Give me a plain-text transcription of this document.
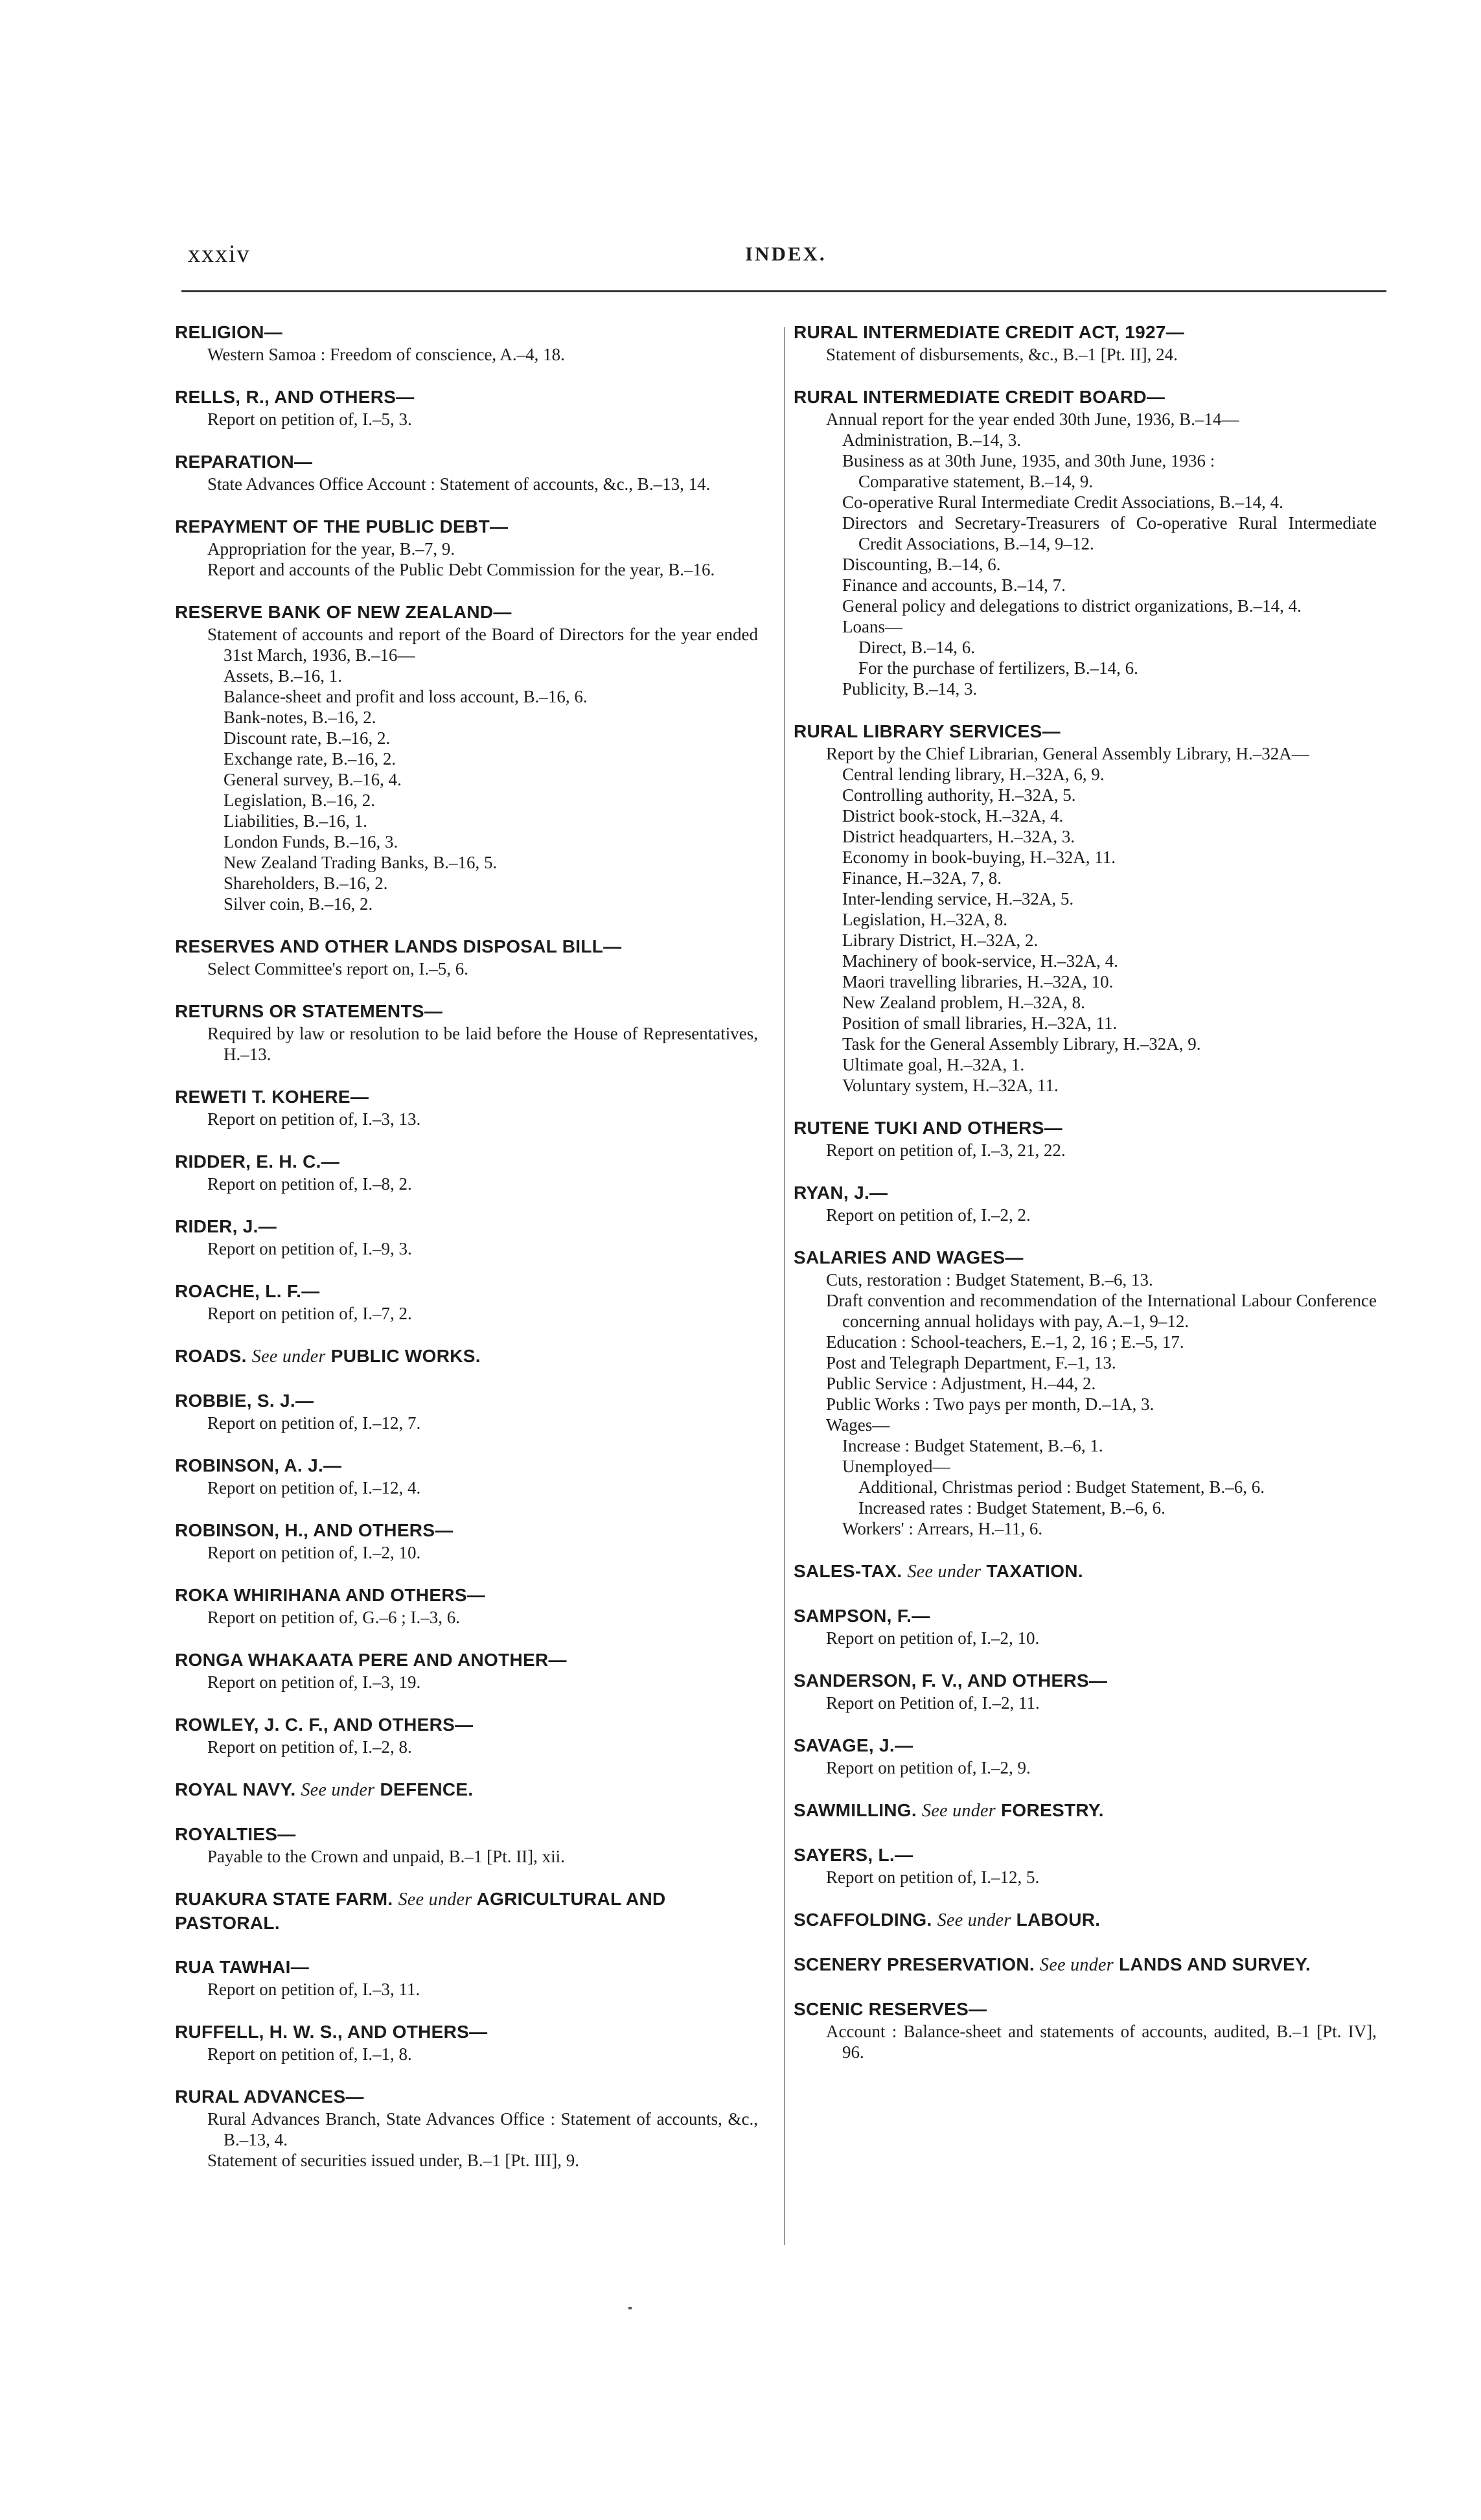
xxxiv	INDEX.
RELIGION—
Western Samoa : Freedom of conscience, A.–4, 18.
RELLS, R., AND OTHERS—
Report on petition of, I.–5, 3.
REPARATION—
State Advances Office Account : Statement of accounts, &c., B.–13, 14.
REPAYMENT OF THE PUBLIC DEBT—
Appropriation for the year, B.–7, 9.
Report and accounts of the Public Debt Commission for the year, B.–16.
RESERVE BANK OF NEW ZEALAND—
Statement of accounts and report of the Board of Directors for the year ended 31st March, 1936, B.–16—
Assets, B.–16, 1.
Balance-sheet and profit and loss account, B.–16, 6.
Bank-notes, B.–16, 2.
Discount rate, B.–16, 2.
Exchange rate, B.–16, 2.
General survey, B.–16, 4.
Legislation, B.–16, 2.
Liabilities, B.–16, 1.
London Funds, B.–16, 3.
New Zealand Trading Banks, B.–16, 5.
Shareholders, B.–16, 2.
Silver coin, B.–16, 2.
RESERVES AND OTHER LANDS DISPOSAL BILL—
Select Committee's report on, I.–5, 6.
RETURNS OR STATEMENTS—
Required by law or resolution to be laid before the House of Representatives, H.–13.
REWETI T. KOHERE—
Report on petition of, I.–3, 13.
RIDDER, E. H. C.—
Report on petition of, I.–8, 2.
RIDER, J.—
Report on petition of, I.–9, 3.
ROACHE, L. F.—
Report on petition of, I.–7, 2.
ROADS. See under PUBLIC WORKS.
ROBBIE, S. J.—
Report on petition of, I.–12, 7.
ROBINSON, A. J.—
Report on petition of, I.–12, 4.
ROBINSON, H., AND OTHERS—
Report on petition of, I.–2, 10.
ROKA WHIRIHANA AND OTHERS—
Report on petition of, G.–6 ; I.–3, 6.
RONGA WHAKAATA PERE AND ANOTHER—
Report on petition of, I.–3, 19.
ROWLEY, J. C. F., AND OTHERS—
Report on petition of, I.–2, 8.
ROYAL NAVY. See under DEFENCE.
ROYALTIES—
Payable to the Crown and unpaid, B.–1 [Pt. II], xii.
RUAKURA STATE FARM. See under AGRICULTURAL AND PASTORAL.
RUA TAWHAI—
Report on petition of, I.–3, 11.
RUFFELL, H. W. S., AND OTHERS—
Report on petition of, I.–1, 8.
RURAL ADVANCES—
Rural Advances Branch, State Advances Office : Statement of accounts, &c., B.–13, 4.
Statement of securities issued under, B.–1 [Pt. III], 9.
RURAL INTERMEDIATE CREDIT ACT, 1927—
Statement of disbursements, &c., B.–1 [Pt. II], 24.
RURAL INTERMEDIATE CREDIT BOARD—
Annual report for the year ended 30th June, 1936, B.–14—
Administration, B.–14, 3.
Business as at 30th June, 1935, and 30th June, 1936 :
Comparative statement, B.–14, 9.
Co-operative Rural Intermediate Credit Associations, B.–14, 4.
Directors and Secretary-Treasurers of Co-operative Rural Intermediate Credit Associations, B.–14, 9–12.
Discounting, B.–14, 6.
Finance and accounts, B.–14, 7.
General policy and delegations to district organizations, B.–14, 4.
Loans—
Direct, B.–14, 6.
For the purchase of fertilizers, B.–14, 6.
Publicity, B.–14, 3.
RURAL LIBRARY SERVICES—
Report by the Chief Librarian, General Assembly Library, H.–32A—
Central lending library, H.–32A, 6, 9.
Controlling authority, H.–32A, 5.
District book-stock, H.–32A, 4.
District headquarters, H.–32A, 3.
Economy in book-buying, H.–32A, 11.
Finance, H.–32A, 7, 8.
Inter-lending service, H.–32A, 5.
Legislation, H.–32A, 8.
Library District, H.–32A, 2.
Machinery of book-service, H.–32A, 4.
Maori travelling libraries, H.–32A, 10.
New Zealand problem, H.–32A, 8.
Position of small libraries, H.–32A, 11.
Task for the General Assembly Library, H.–32A, 9.
Ultimate goal, H.–32A, 1.
Voluntary system, H.–32A, 11.
RUTENE TUKI AND OTHERS—
Report on petition of, I.–3, 21, 22.
RYAN, J.—
Report on petition of, I.–2, 2.
SALARIES AND WAGES—
Cuts, restoration : Budget Statement, B.–6, 13.
Draft convention and recommendation of the International Labour Conference concerning annual holidays with pay, A.–1, 9–12.
Education : School-teachers, E.–1, 2, 16 ; E.–5, 17.
Post and Telegraph Department, F.–1, 13.
Public Service : Adjustment, H.–44, 2.
Public Works : Two pays per month, D.–1A, 3.
Wages—
Increase : Budget Statement, B.–6, 1.
Unemployed—
Additional, Christmas period : Budget Statement, B.–6, 6.
Increased rates : Budget Statement, B.–6, 6.
Workers' : Arrears, H.–11, 6.
SALES-TAX. See under TAXATION.
SAMPSON, F.—
Report on petition of, I.–2, 10.
SANDERSON, F. V., AND OTHERS—
Report on Petition of, I.–2, 11.
SAVAGE, J.—
Report on petition of, I.–2, 9.
SAWMILLING. See under FORESTRY.
SAYERS, L.—
Report on petition of, I.–12, 5.
SCAFFOLDING. See under LABOUR.
SCENERY PRESERVATION. See under LANDS AND SURVEY.
SCENIC RESERVES—
Account : Balance-sheet and statements of accounts, audited, B.–1 [Pt. IV], 96.
